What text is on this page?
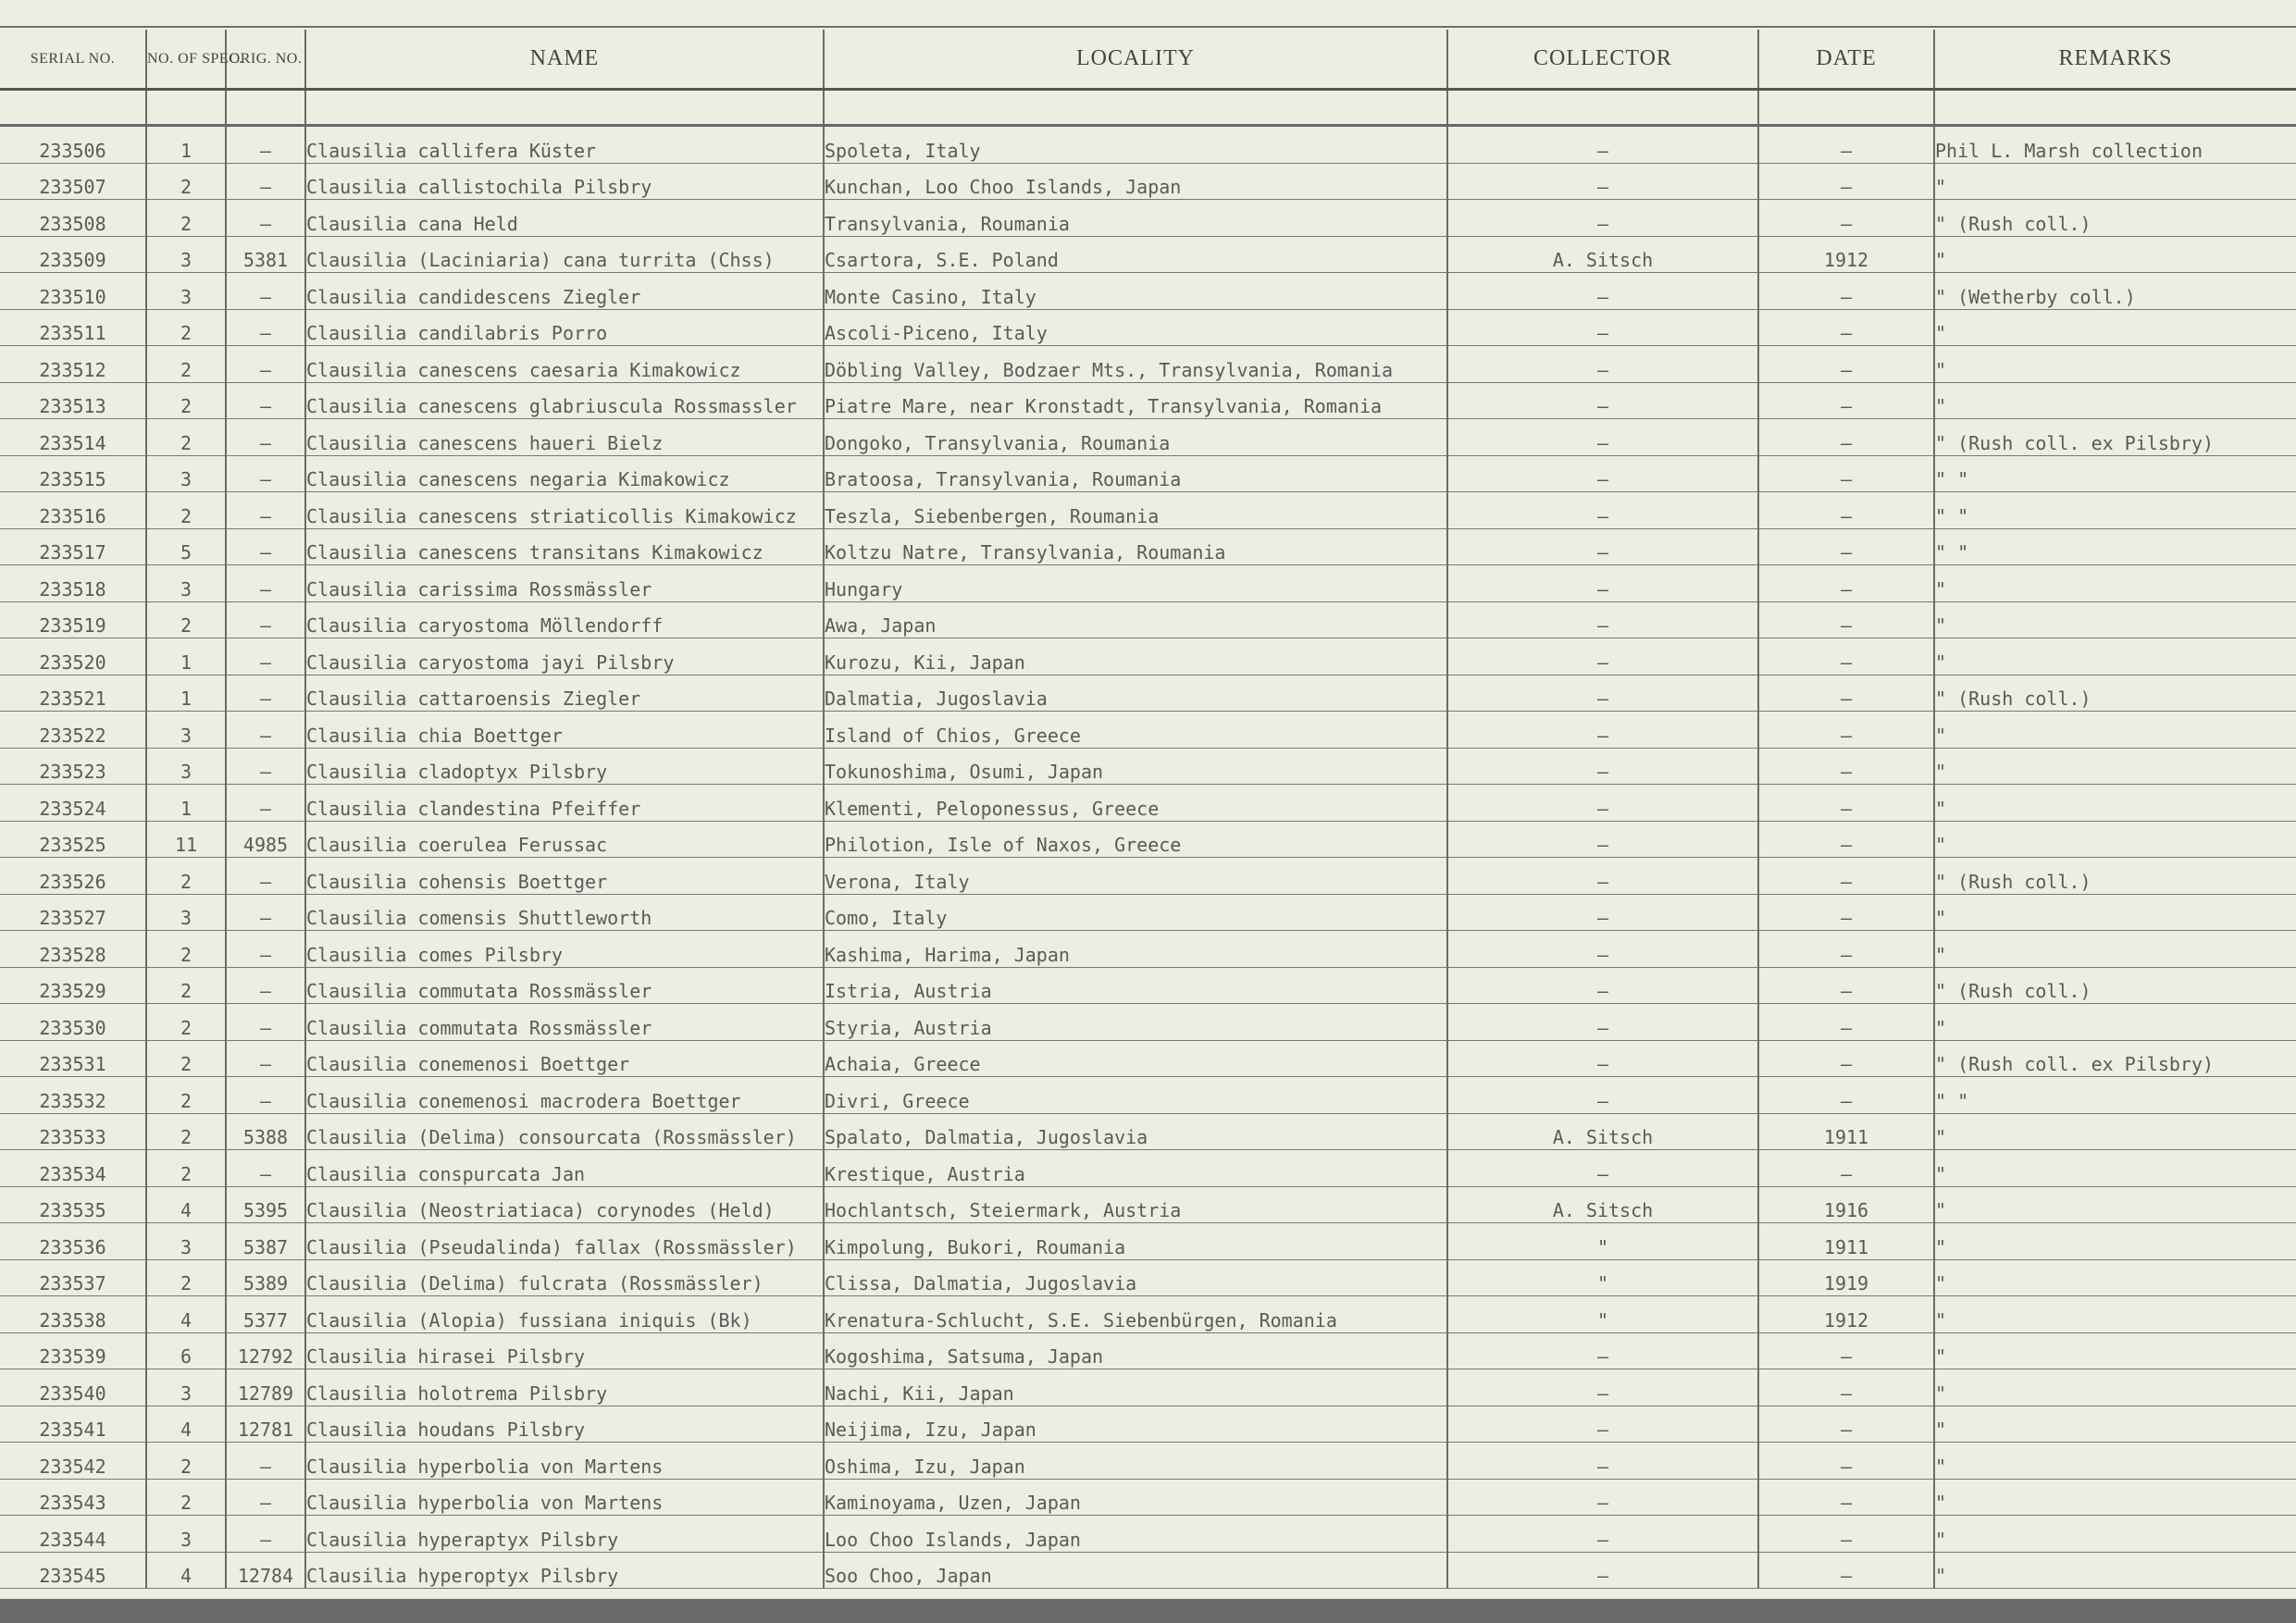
SERIAL NO.	NO. OF SPEC.	ORIG. NO.	NAME	LOCALITY	COLLECTOR	DATE	REMARKS

233506	1	–	Clausilia callifera Küster	Spoleta, Italy	–	–	Phil L. Marsh collection
233507	2	–	Clausilia callistochila Pilsbry	Kunchan, Loo Choo Islands, Japan	–	–	"
233508	2	–	Clausilia cana Held	Transylvania, Roumania	–	–	" (Rush coll.)
233509	3	5381	Clausilia (Laciniaria) cana turrita (Chss)	Csartora, S.E. Poland	A. Sitsch	1912	"
233510	3	–	Clausilia candidescens Ziegler	Monte Casino, Italy	–	–	" (Wetherby coll.)
233511	2	–	Clausilia candilabris Porro	Ascoli-Piceno, Italy	–	–	"
233512	2	–	Clausilia canescens caesaria Kimakowicz	Döbling Valley, Bodzaer Mts., Transylvania, Romania	–	–	"
233513	2	–	Clausilia canescens glabriuscula Rossmassler	Piatre Mare, near Kronstadt, Transylvania, Romania	–	–	"
233514	2	–	Clausilia canescens haueri Bielz	Dongoko, Transylvania, Roumania	–	–	" (Rush coll. ex Pilsbry)
233515	3	–	Clausilia canescens negaria Kimakowicz	Bratoosa, Transylvania, Roumania	–	–	" "
233516	2	–	Clausilia canescens striaticollis Kimakowicz	Teszla, Siebenbergen, Roumania	–	–	" "
233517	5	–	Clausilia canescens transitans Kimakowicz	Koltzu Natre, Transylvania, Roumania	–	–	" "
233518	3	–	Clausilia carissima Rossmässler	Hungary	–	–	"
233519	2	–	Clausilia caryostoma Möllendorff	Awa, Japan	–	–	"
233520	1	–	Clausilia caryostoma jayi Pilsbry	Kurozu, Kii, Japan	–	–	"
233521	1	–	Clausilia cattaroensis Ziegler	Dalmatia, Jugoslavia	–	–	" (Rush coll.)
233522	3	–	Clausilia chia Boettger	Island of Chios, Greece	–	–	"
233523	3	–	Clausilia cladoptyx Pilsbry	Tokunoshima, Osumi, Japan	–	–	"
233524	1	–	Clausilia clandestina Pfeiffer	Klementi, Peloponessus, Greece	–	–	"
233525	11	4985	Clausilia coerulea Ferussac	Philotion, Isle of Naxos, Greece	–	–	"
233526	2	–	Clausilia cohensis Boettger	Verona, Italy	–	–	" (Rush coll.)
233527	3	–	Clausilia comensis Shuttleworth	Como, Italy	–	–	"
233528	2	–	Clausilia comes Pilsbry	Kashima, Harima, Japan	–	–	"
233529	2	–	Clausilia commutata Rossmässler	Istria, Austria	–	–	" (Rush coll.)
233530	2	–	Clausilia commutata Rossmässler	Styria, Austria	–	–	"
233531	2	–	Clausilia conemenosi Boettger	Achaia, Greece	–	–	" (Rush coll. ex Pilsbry)
233532	2	–	Clausilia conemenosi macrodera Boettger	Divri, Greece	–	–	" "
233533	2	5388	Clausilia (Delima) consourcata (Rossmässler)	Spalato, Dalmatia, Jugoslavia	A. Sitsch	1911	"
233534	2	–	Clausilia conspurcata Jan	Krestique, Austria	–	–	"
233535	4	5395	Clausilia (Neostriatiaca) corynodes (Held)	Hochlantsch, Steiermark, Austria	A. Sitsch	1916	"
233536	3	5387	Clausilia (Pseudalinda) fallax (Rossmässler)	Kimpolung, Bukori, Roumania	"	1911	"
233537	2	5389	Clausilia (Delima) fulcrata (Rossmässler)	Clissa, Dalmatia, Jugoslavia	"	1919	"
233538	4	5377	Clausilia (Alopia) fussiana iniquis (Bk)	Krenatura-Schlucht, S.E. Siebenbürgen, Romania	"	1912	"
233539	6	12792	Clausilia hirasei Pilsbry	Kogoshima, Satsuma, Japan	–	–	"
233540	3	12789	Clausilia holotrema Pilsbry	Nachi, Kii, Japan	–	–	"
233541	4	12781	Clausilia houdans Pilsbry	Neijima, Izu, Japan	–	–	"
233542	2	–	Clausilia hyperbolia von Martens	Oshima, Izu, Japan	–	–	"
233543	2	–	Clausilia hyperbolia von Martens	Kaminoyama, Uzen, Japan	–	–	"
233544	3	–	Clausilia hyperaptyx Pilsbry	Loo Choo Islands, Japan	–	–	"
233545	4	12784	Clausilia hyperoptyx Pilsbry	Soo Choo, Japan	–	–	"
